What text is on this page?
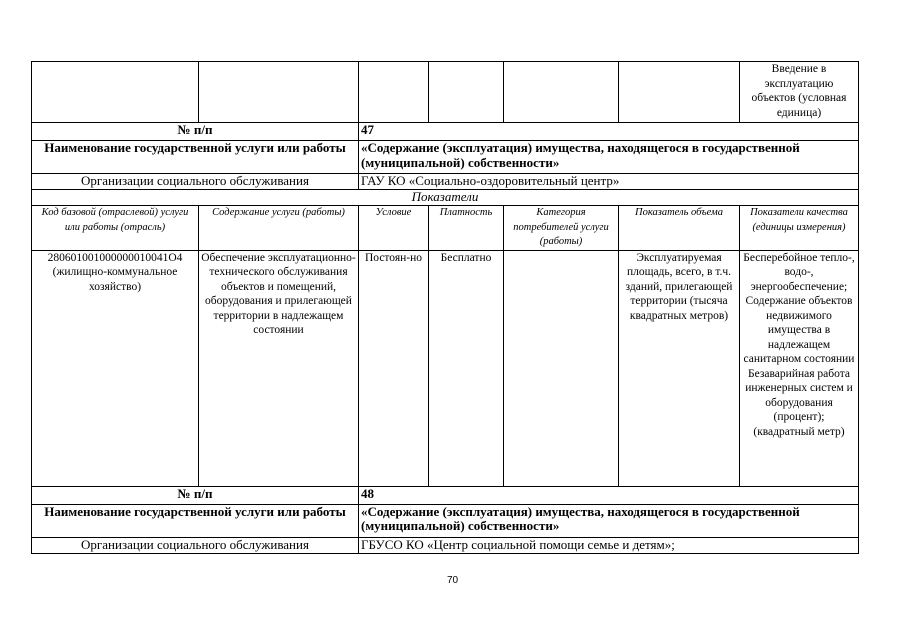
						Введение в эксплуатацию объектов (условная единица)
№ п/п		47				
Наименование государственной услуги или работы		«Содержание (эксплуатация) имущества, находящегося в государственной (муниципальной) собственности»				
Организации социального обслуживания		ГАУ КО «Социально-оздоровительный центр»				
Показатели						
Код базовой (отраслевой) услуги или работы (отрасль)	Содержание услуги (работы)	Условие	Платность	Категория потребителей услуги (работы)	Показатель объема	Показатели качества (единицы измерения)
280601001000000010041О4 (жилищно-коммунальное хозяйство)	Обеспечение эксплуатационно-технического обслуживания объектов и помещений, оборудования и прилегающей территории в надлежащем состоянии	Постоян-но	Бесплатно		Эксплуатируемая площадь, всего, в т.ч. зданий, прилегающей территории (тысяча квадратных метров)	Бесперебойное тепло-, водо-, энергообеспечение; Содержание объектов недвижимого имущества в надлежащем санитарном состоянии Безаварийная работа инженерных систем и оборудования (процент); (квадратный метр)
№ п/п		48				
Наименование государственной услуги или работы		«Содержание (эксплуатация) имущества, находящегося в государственной (муниципальной) собственности»				
Организации социального обслуживания		ГБУСО КО «Центр социальной помощи семье и детям»;				
70
